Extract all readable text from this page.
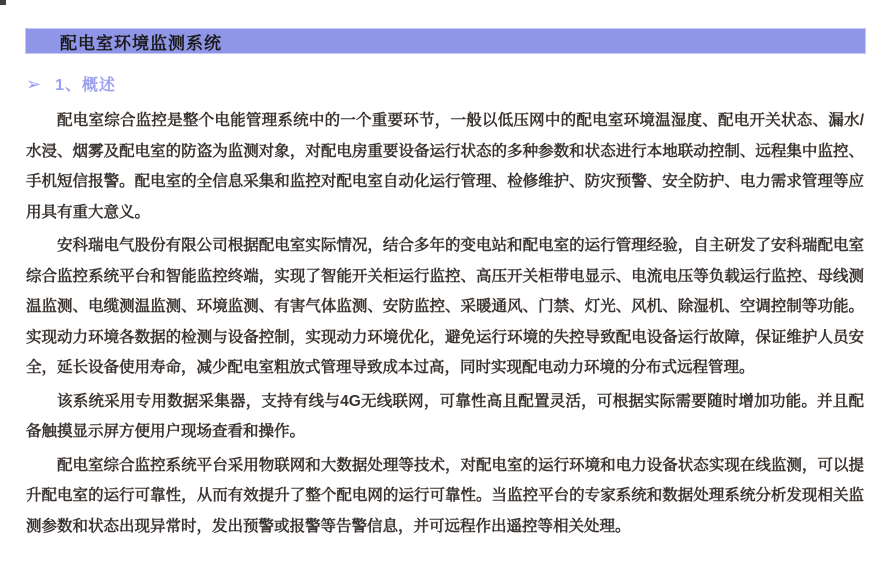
配电室环境监测系统
➢ 1、概述

配电室综合监控是整个电能管理系统中的一个重要环节，一般以低压网中的配电室环境温湿度、配电开关状态、漏水/水浸、烟雾及配电室的防盗为监测对象，对配电房重要设备运行状态的多种参数和状态进行本地联动控制、远程集中监控、手机短信报警。配电室的全信息采集和监控对配电室自动化运行管理、检修维护、防灾预警、安全防护、电力需求管理等应用具有重大意义。

安科瑞电气股份有限公司根据配电室实际情况，结合多年的变电站和配电室的运行管理经验，自主研发了安科瑞配电室综合监控系统平台和智能监控终端，实现了智能开关柜运行监控、高压开关柜带电显示、电流电压等负载运行监控、母线测温监测、电缆测温监测、环境监测、有害气体监测、安防监控、采暖通风、门禁、灯光、风机、除湿机、空调控制等功能。实现动力环境各数据的检测与设备控制，实现动力环境优化，避免运行环境的失控导致配电设备运行故障，保证维护人员安全，延长设备使用寿命，减少配电室粗放式管理导致成本过高，同时实现配电动力环境的分布式远程管理。

该系统采用专用数据采集器，支持有线与4G无线联网，可靠性高且配置灵活，可根据实际需要随时增加功能。并且配备触摸显示屏方便用户现场查看和操作。

配电室综合监控系统平台采用物联网和大数据处理等技术，对配电室的运行环境和电力设备状态实现在线监测，可以提升配电室的运行可靠性，从而有效提升了整个配电网的运行可靠性。当监控平台的专家系统和数据处理系统分析发现相关监测参数和状态出现异常时，发出预警或报警等告警信息，并可远程作出遥控等相关处理。
